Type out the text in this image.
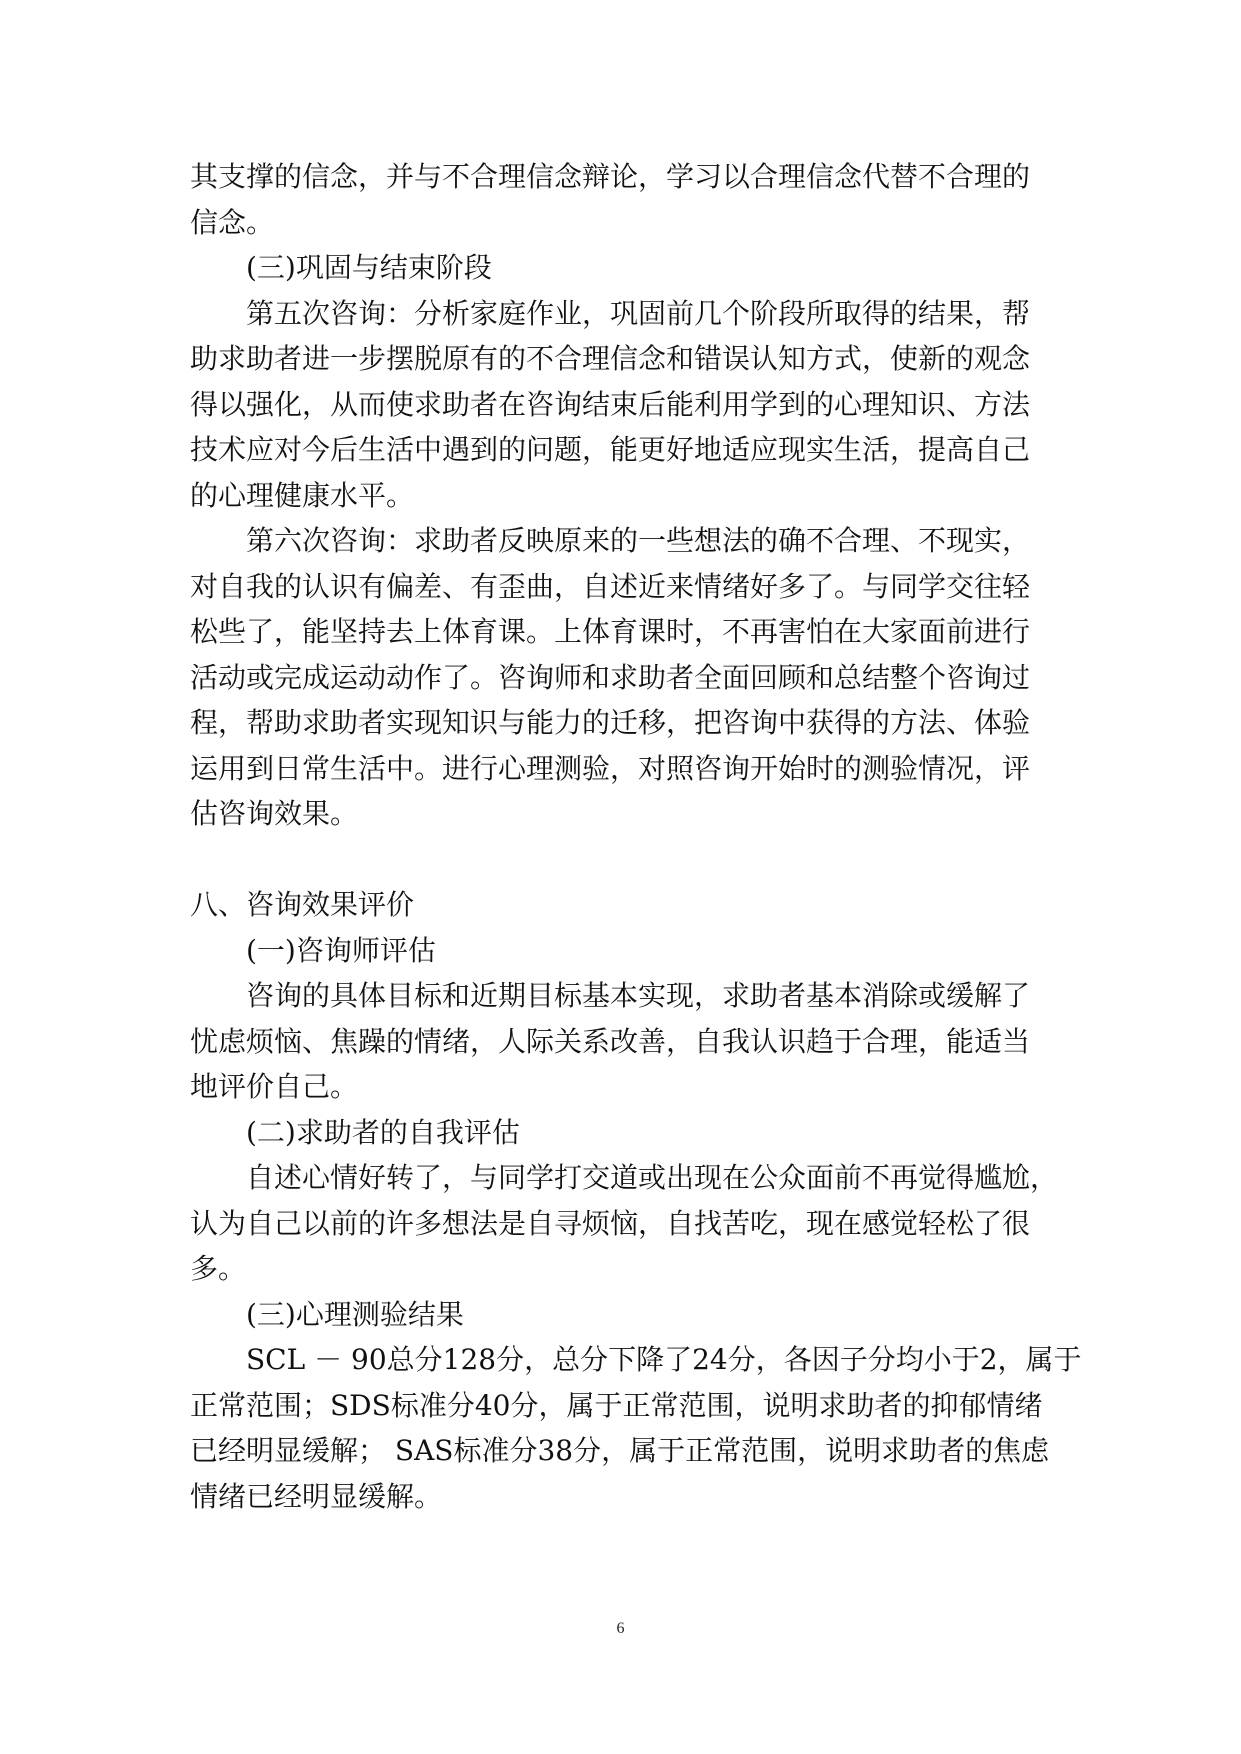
其支撑的信念，并与不合理信念辩论，学习以合理信念代替不合理的
信念。
(三)巩固与结束阶段
第五次咨询：分析家庭作业，巩固前几个阶段所取得的结果，帮
助求助者进一步摆脱原有的不合理信念和错误认知方式，使新的观念
得以强化，从而使求助者在咨询结束后能利用学到的心理知识、方法
技术应对今后生活中遇到的问题，能更好地适应现实生活，提高自己
的心理健康水平。
第六次咨询：求助者反映原来的一些想法的确不合理、不现实，
对自我的认识有偏差、有歪曲，自述近来情绪好多了。与同学交往轻
松些了，能坚持去上体育课。上体育课时，不再害怕在大家面前进行
活动或完成运动动作了。咨询师和求助者全面回顾和总结整个咨询过
程，帮助求助者实现知识与能力的迁移，把咨询中获得的方法、体验
运用到日常生活中。进行心理测验，对照咨询开始时的测验情况，评
估咨询效果。
八、咨询效果评价
(一)咨询师评估
咨询的具体目标和近期目标基本实现，求助者基本消除或缓解了
忧虑烦恼、焦躁的情绪，人际关系改善，自我认识趋于合理，能适当
地评价自己。
(二)求助者的自我评估
自述心情好转了，与同学打交道或出现在公众面前不再觉得尴尬，
认为自己以前的许多想法是自寻烦恼，自找苦吃，现在感觉轻松了很
多。
(三)心理测验结果
SCL － 90总分128分，总分下降了24分，各因子分均小于2，属于
正常范围；SDS标准分40分，属于正常范围，说明求助者的抑郁情绪
已经明显缓解； SAS标准分38分，属于正常范围，说明求助者的焦虑
情绪已经明显缓解。
6
